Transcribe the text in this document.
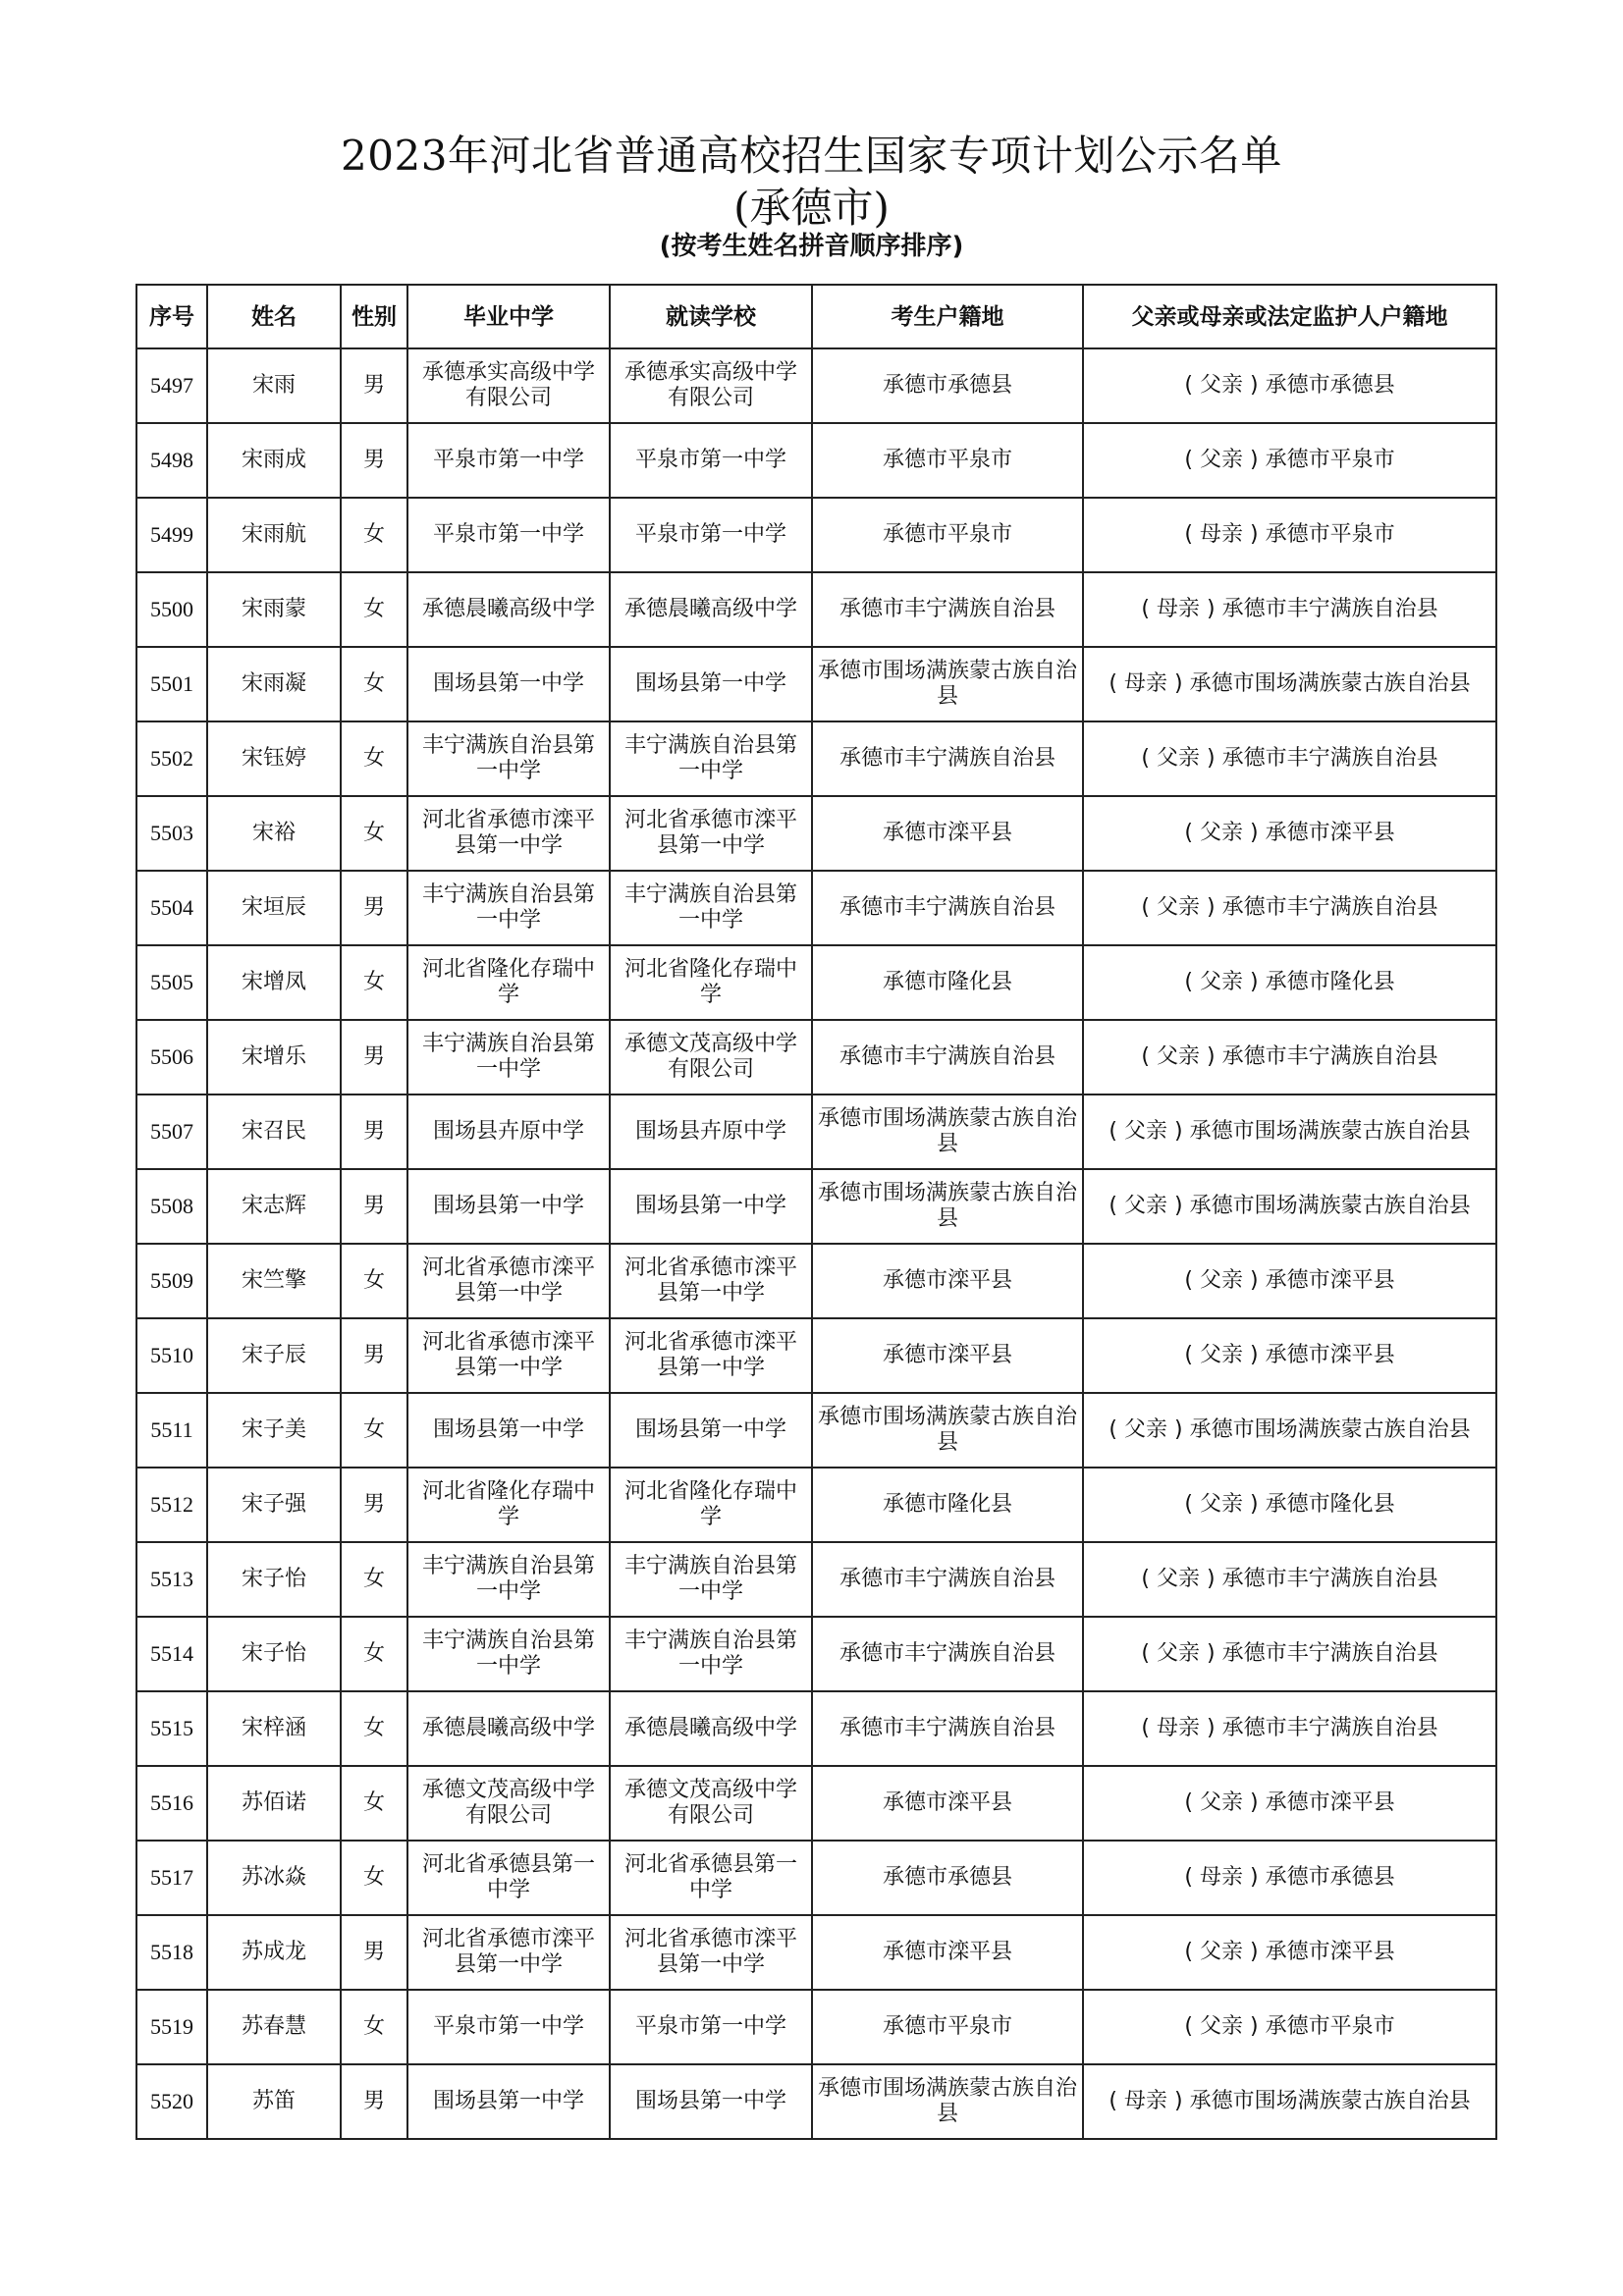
2023年河北省普通高校招生国家专项计划公示名单
(承德市)
(按考生姓名拼音顺序排序)
序号	姓名	性别	毕业中学	就读学校	考生户籍地	父亲或母亲或法定监护人户籍地
5497	宋雨	男	承德承实高级中学有限公司	承德承实高级中学有限公司	承德市承德县	( 父亲 ) 承德市承德县
5498	宋雨成	男	平泉市第一中学	平泉市第一中学	承德市平泉市	( 父亲 ) 承德市平泉市
5499	宋雨航	女	平泉市第一中学	平泉市第一中学	承德市平泉市	( 母亲 ) 承德市平泉市
5500	宋雨蒙	女	承德晨曦高级中学	承德晨曦高级中学	承德市丰宁满族自治县	( 母亲 ) 承德市丰宁满族自治县
5501	宋雨凝	女	围场县第一中学	围场县第一中学	承德市围场满族蒙古族自治县	( 母亲 ) 承德市围场满族蒙古族自治县
5502	宋钰婷	女	丰宁满族自治县第一中学	丰宁满族自治县第一中学	承德市丰宁满族自治县	( 父亲 ) 承德市丰宁满族自治县
5503	宋裕	女	河北省承德市滦平县第一中学	河北省承德市滦平县第一中学	承德市滦平县	( 父亲 ) 承德市滦平县
5504	宋垣辰	男	丰宁满族自治县第一中学	丰宁满族自治县第一中学	承德市丰宁满族自治县	( 父亲 ) 承德市丰宁满族自治县
5505	宋增凤	女	河北省隆化存瑞中学	河北省隆化存瑞中学	承德市隆化县	( 父亲 ) 承德市隆化县
5506	宋增乐	男	丰宁满族自治县第一中学	承德文茂高级中学有限公司	承德市丰宁满族自治县	( 父亲 ) 承德市丰宁满族自治县
5507	宋召民	男	围场县卉原中学	围场县卉原中学	承德市围场满族蒙古族自治县	( 父亲 ) 承德市围场满族蒙古族自治县
5508	宋志辉	男	围场县第一中学	围场县第一中学	承德市围场满族蒙古族自治县	( 父亲 ) 承德市围场满族蒙古族自治县
5509	宋竺擎	女	河北省承德市滦平县第一中学	河北省承德市滦平县第一中学	承德市滦平县	( 父亲 ) 承德市滦平县
5510	宋子辰	男	河北省承德市滦平县第一中学	河北省承德市滦平县第一中学	承德市滦平县	( 父亲 ) 承德市滦平县
5511	宋子美	女	围场县第一中学	围场县第一中学	承德市围场满族蒙古族自治县	( 父亲 ) 承德市围场满族蒙古族自治县
5512	宋子强	男	河北省隆化存瑞中学	河北省隆化存瑞中学	承德市隆化县	( 父亲 ) 承德市隆化县
5513	宋子怡	女	丰宁满族自治县第一中学	丰宁满族自治县第一中学	承德市丰宁满族自治县	( 父亲 ) 承德市丰宁满族自治县
5514	宋子怡	女	丰宁满族自治县第一中学	丰宁满族自治县第一中学	承德市丰宁满族自治县	( 父亲 ) 承德市丰宁满族自治县
5515	宋梓涵	女	承德晨曦高级中学	承德晨曦高级中学	承德市丰宁满族自治县	( 母亲 ) 承德市丰宁满族自治县
5516	苏佰诺	女	承德文茂高级中学有限公司	承德文茂高级中学有限公司	承德市滦平县	( 父亲 ) 承德市滦平县
5517	苏冰焱	女	河北省承德县第一中学	河北省承德县第一中学	承德市承德县	( 母亲 ) 承德市承德县
5518	苏成龙	男	河北省承德市滦平县第一中学	河北省承德市滦平县第一中学	承德市滦平县	( 父亲 ) 承德市滦平县
5519	苏春慧	女	平泉市第一中学	平泉市第一中学	承德市平泉市	( 父亲 ) 承德市平泉市
5520	苏笛	男	围场县第一中学	围场县第一中学	承德市围场满族蒙古族自治县	( 母亲 ) 承德市围场满族蒙古族自治县
